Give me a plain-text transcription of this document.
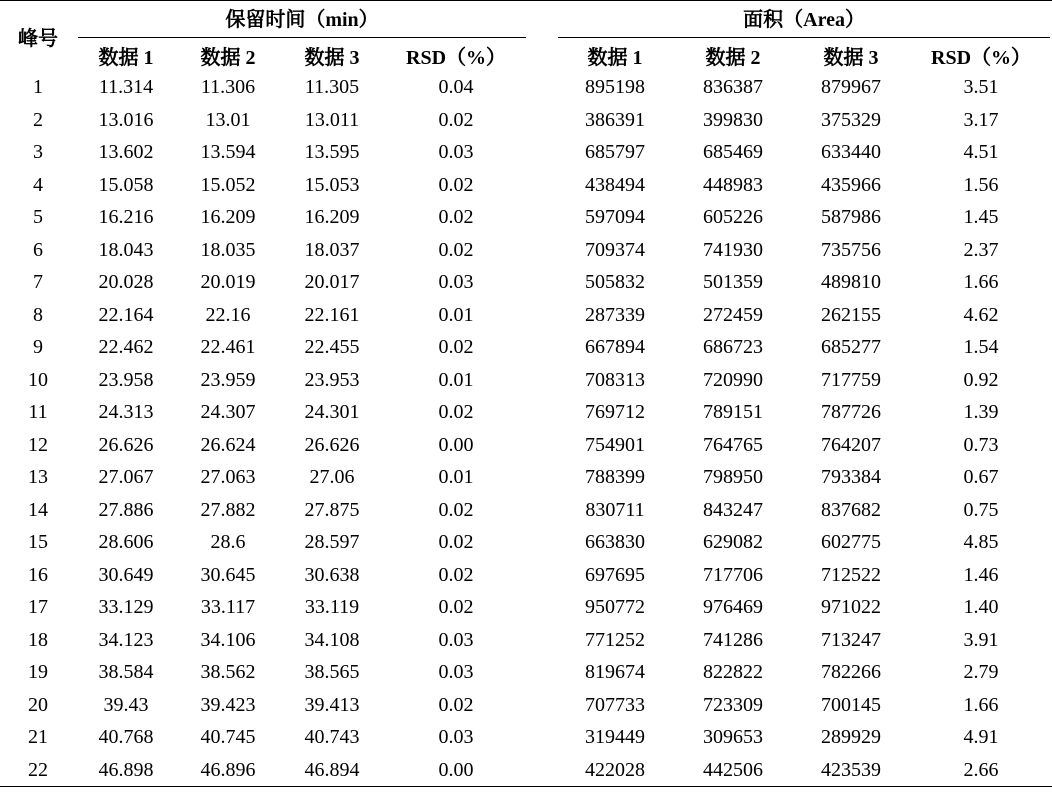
峰号	保留时间（min）					面积（Area）			

	数据 1	数据 2	数据 3	RSD（%）		数据 1	数据 2	数据 3	RSD（%）
1	11.314	11.306	11.305	0.04		895198	836387	879967	3.51
2	13.016	13.01	13.011	0.02		386391	399830	375329	3.17
3	13.602	13.594	13.595	0.03		685797	685469	633440	4.51
4	15.058	15.052	15.053	0.02		438494	448983	435966	1.56
5	16.216	16.209	16.209	0.02		597094	605226	587986	1.45
6	18.043	18.035	18.037	0.02		709374	741930	735756	2.37
7	20.028	20.019	20.017	0.03		505832	501359	489810	1.66
8	22.164	22.16	22.161	0.01		287339	272459	262155	4.62
9	22.462	22.461	22.455	0.02		667894	686723	685277	1.54
10	23.958	23.959	23.953	0.01		708313	720990	717759	0.92
11	24.313	24.307	24.301	0.02		769712	789151	787726	1.39
12	26.626	26.624	26.626	0.00		754901	764765	764207	0.73
13	27.067	27.063	27.06	0.01		788399	798950	793384	0.67
14	27.886	27.882	27.875	0.02		830711	843247	837682	0.75
15	28.606	28.6	28.597	0.02		663830	629082	602775	4.85
16	30.649	30.645	30.638	0.02		697695	717706	712522	1.46
17	33.129	33.117	33.119	0.02		950772	976469	971022	1.40
18	34.123	34.106	34.108	0.03		771252	741286	713247	3.91
19	38.584	38.562	38.565	0.03		819674	822822	782266	2.79
20	39.43	39.423	39.413	0.02		707733	723309	700145	1.66
21	40.768	40.745	40.743	0.03		319449	309653	289929	4.91
22	46.898	46.896	46.894	0.00		422028	442506	423539	2.66
